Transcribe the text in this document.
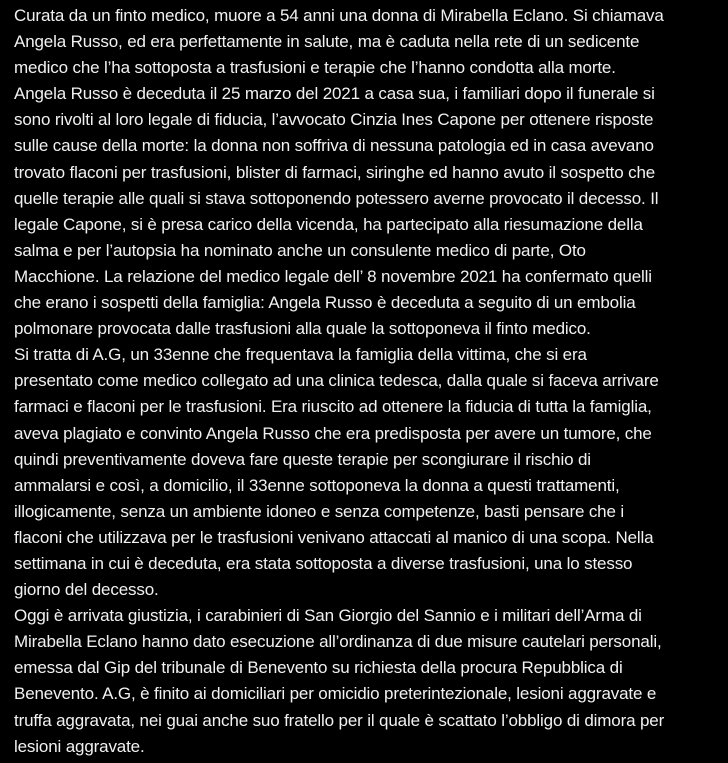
Curata da un finto medico, muore a 54 anni una donna di Mirabella Eclano. Si chiamava
Angela Russo, ed era perfettamente in salute, ma è caduta nella rete di un sedicente
medico che l’ha sottoposta a trasfusioni e terapie che l’hanno condotta alla morte.
Angela Russo è deceduta il 25 marzo del 2021 a casa sua, i familiari dopo il funerale si
sono rivolti al loro legale di fiducia, l’avvocato Cinzia Ines Capone per ottenere risposte
sulle cause della morte: la donna non soffriva di nessuna patologia ed in casa avevano
trovato flaconi per trasfusioni, blister di farmaci, siringhe ed hanno avuto il sospetto che
quelle terapie alle quali si stava sottoponendo potessero averne provocato il decesso. Il
legale Capone, si è presa carico della vicenda, ha partecipato alla riesumazione della
salma e per l’autopsia ha nominato anche un consulente medico di parte, Oto
Macchione. La relazione del medico legale dell’ 8 novembre 2021 ha confermato quelli
che erano i sospetti della famiglia: Angela Russo è deceduta a seguito di un embolia
polmonare provocata dalle trasfusioni alla quale la sottoponeva il finto medico.

Si tratta di A.G, un 33enne che frequentava la famiglia della vittima, che si era
presentato come medico collegato ad una clinica tedesca, dalla quale si faceva arrivare
farmaci e flaconi per le trasfusioni. Era riuscito ad ottenere la fiducia di tutta la famiglia,
aveva plagiato e convinto Angela Russo che era predisposta per avere un tumore, che
quindi preventivamente doveva fare queste terapie per scongiurare il rischio di
ammalarsi e così, a domicilio, il 33enne sottoponeva la donna a questi trattamenti,
illogicamente, senza un ambiente idoneo e senza competenze, basti pensare che i
flaconi che utilizzava per le trasfusioni venivano attaccati al manico di una scopa. Nella
settimana in cui è deceduta, era stata sottoposta a diverse trasfusioni, una lo stesso
giorno del decesso.

Oggi è arrivata giustizia, i carabinieri di San Giorgio del Sannio e i militari dell’Arma di
Mirabella Eclano hanno dato esecuzione all’ordinanza di due misure cautelari personali,
emessa dal Gip del tribunale di Benevento su richiesta della procura Repubblica di
Benevento. A.G, è finito ai domiciliari per omicidio preterintezionale, lesioni aggravate e
truffa aggravata, nei guai anche suo fratello per il quale è scattato l’obbligo di dimora per
lesioni aggravate.
